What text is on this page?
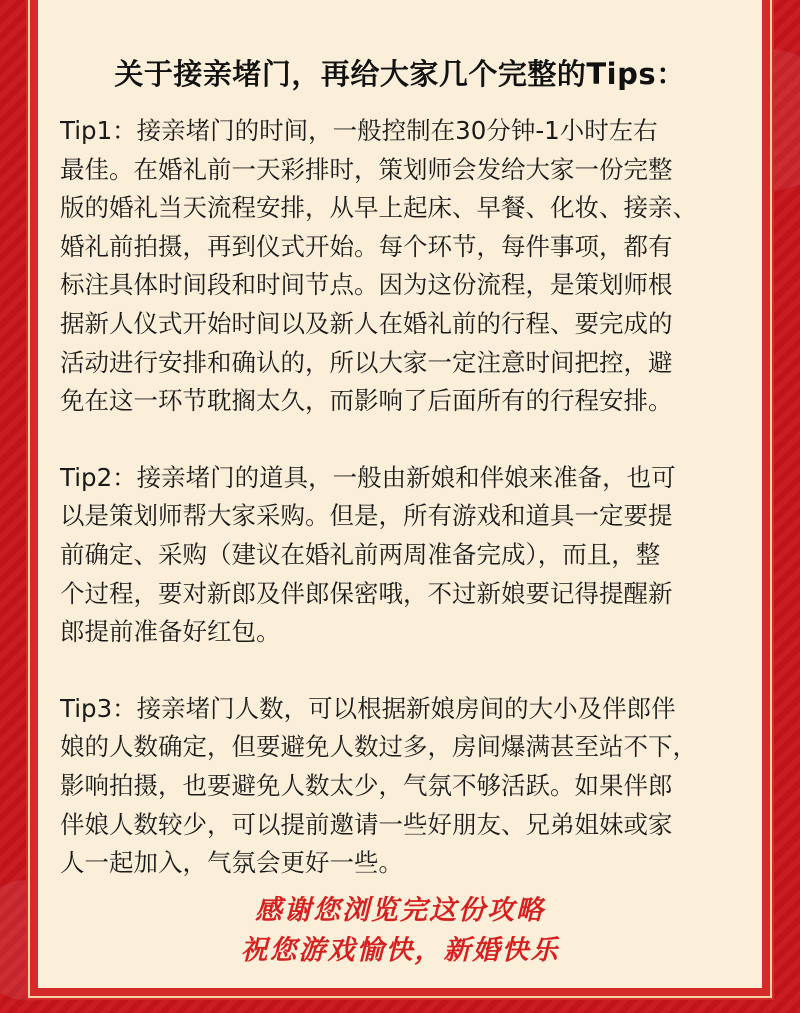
关于接亲堵门，再给大家几个完整的Tips：

Tip1：接亲堵门的时间，一般控制在30分钟-1小时左右

最佳。在婚礼前一天彩排时，策划师会发给大家一份完整

版的婚礼当天流程安排，从早上起床、早餐、化妆、接亲、

婚礼前拍摄，再到仪式开始。每个环节，每件事项，都有

标注具体时间段和时间节点。因为这份流程，是策划师根

据新人仪式开始时间以及新人在婚礼前的行程、要完成的

活动进行安排和确认的，所以大家一定注意时间把控，避

免在这一环节耽搁太久，而影响了后面所有的行程安排。

Tip2：接亲堵门的道具，一般由新娘和伴娘来准备，也可

以是策划师帮大家采购。但是，所有游戏和道具一定要提

前确定、采购（建议在婚礼前两周准备完成），而且，整

个过程，要对新郎及伴郎保密哦，不过新娘要记得提醒新

郎提前准备好红包。

Tip3：接亲堵门人数，可以根据新娘房间的大小及伴郎伴

娘的人数确定，但要避免人数过多，房间爆满甚至站不下，

影响拍摄，也要避免人数太少，气氛不够活跃。如果伴郎

伴娘人数较少，可以提前邀请一些好朋友、兄弟姐妹或家

人一起加入，气氛会更好一些。

感谢您浏览完这份攻略
祝您游戏愉快，新婚快乐
